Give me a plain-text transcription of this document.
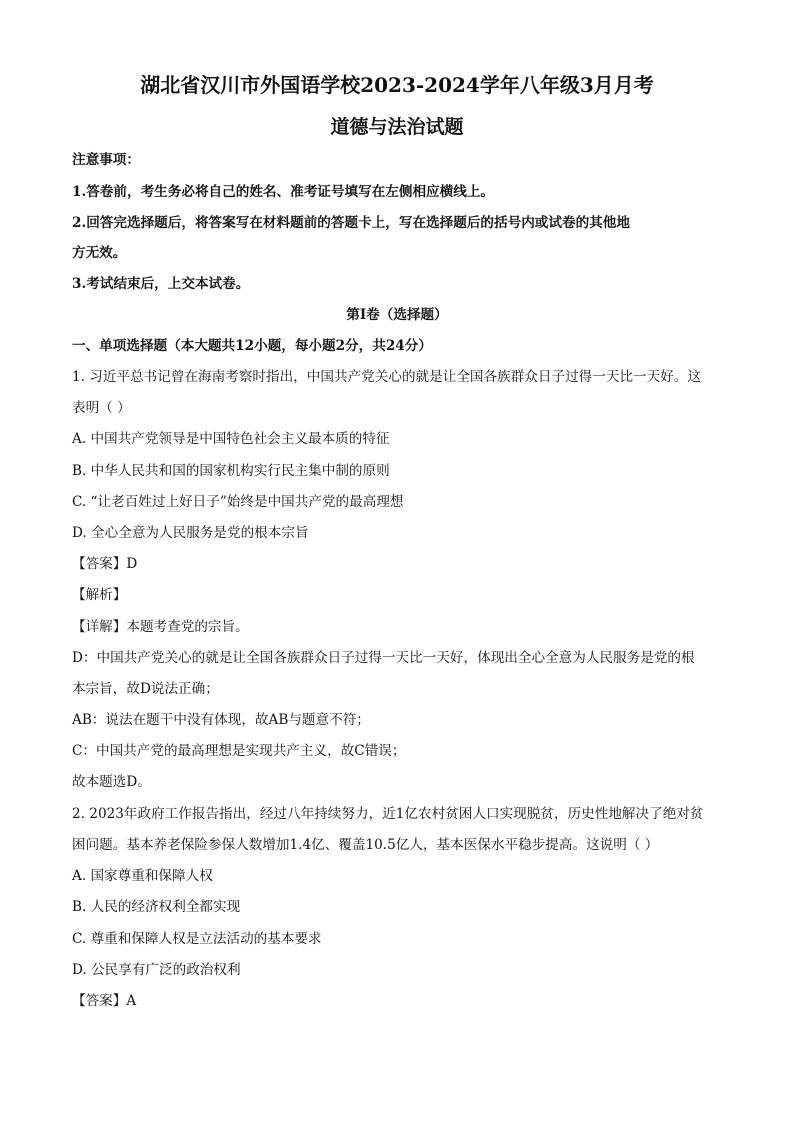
湖北省汉川市外国语学校2023-2024学年八年级3月月考
道德与法治试题
注意事项：
1.答卷前，考生务必将自己的姓名、准考证号填写在左侧相应横线上。
2.回答完选择题后，将答案写在材料题前的答题卡上，写在选择题后的括号内或试卷的其他地
方无效。
3.考试结束后，上交本试卷。
第I卷（选择题）
一、单项选择题（本大题共12小题，每小题2分，共24分）
1. 习近平总书记曾在海南考察时指出，中国共产党关心的就是让全国各族群众日子过得一天比一天好。这
表明（ ）
A. 中国共产党领导是中国特色社会主义最本质的特征
B. 中华人民共和国的国家机构实行民主集中制的原则
C. “让老百姓过上好日子”始终是中国共产党的最高理想
D. 全心全意为人民服务是党的根本宗旨
【答案】D
【解析】
【详解】本题考查党的宗旨。
D：中国共产党关心的就是让全国各族群众日子过得一天比一天好，体现出全心全意为人民服务是党的根
本宗旨，故D说法正确；
AB：说法在题干中没有体现，故AB与题意不符；
C：中国共产党的最高理想是实现共产主义，故C错误；
故本题选D。
2. 2023年政府工作报告指出，经过八年持续努力，近1亿农村贫困人口实现脱贫，历史性地解决了绝对贫
困问题。基本养老保险参保人数增加1.4亿、覆盖10.5亿人，基本医保水平稳步提高。这说明（ ）
A. 国家尊重和保障人权
B. 人民的经济权利全都实现
C. 尊重和保障人权是立法活动的基本要求
D. 公民享有广泛的政治权利
【答案】A
